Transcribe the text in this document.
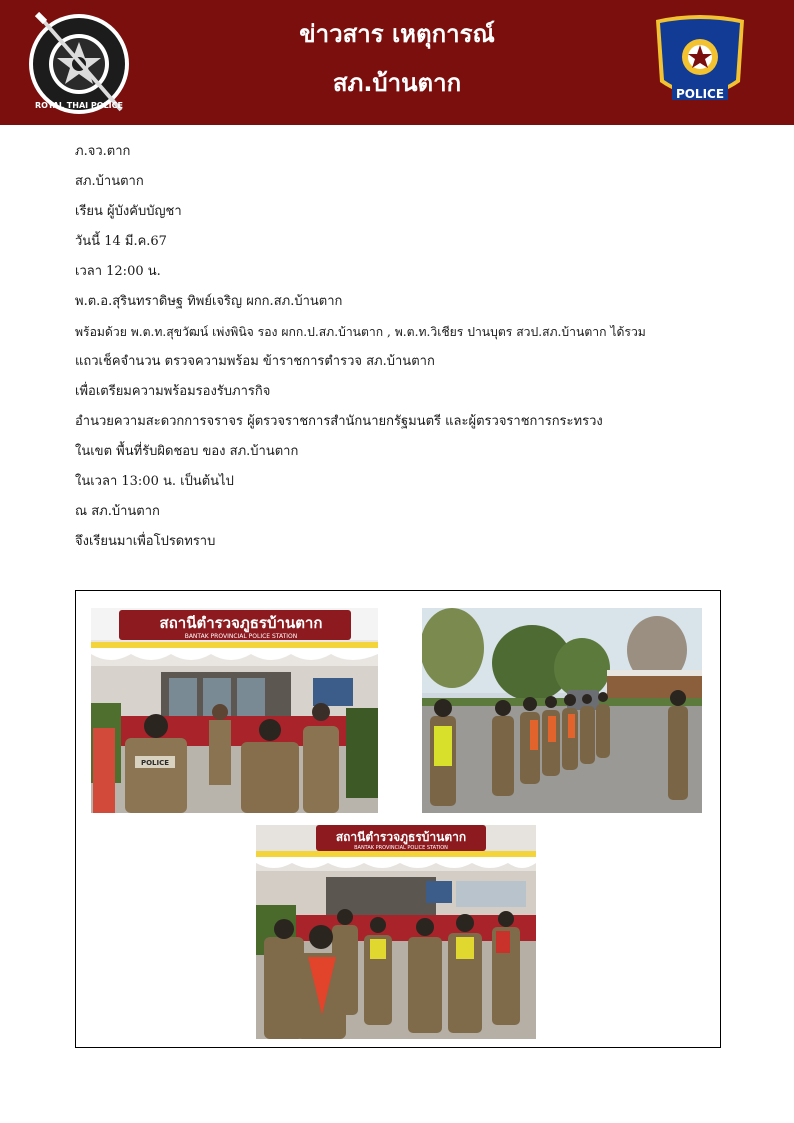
ROYAL THAI POLICE
ข่าวสาร เหตุการณ์
สภ.บ้านตาก	POLICE
ภ.จว.ตาก
สภ.บ้านตาก
เรียน ผู้บังคับบัญชา
วันนี้ 14 มี.ค.67
เวลา 12:00 น.
พ.ต.อ.สุรินทราดิษฐ ทิพย์เจริญ ผกก.สภ.บ้านตาก
พร้อมด้วย พ.ต.ท.สุขวัฒน์ เพ่งพินิจ รอง ผกก.ป.สภ.บ้านตาก , พ.ต.ท.วิเชียร ปานบุตร สวป.สภ.บ้านตาก ได้รวม
แถวเช็คจำนวน ตรวจความพร้อม ข้าราชการตำรวจ สภ.บ้านตาก
เพื่อเตรียมความพร้อมรองรับภารกิจ
อำนวยความสะดวกการจราจร ผู้ตรวจราชการสำนักนายกรัฐมนตรี และผู้ตรวจราชการกระทรวง
ในเขต พื้นที่รับผิดชอบ ของ สภ.บ้านตาก
ในเวลา 13:00 น. เป็นต้นไป
ณ สภ.บ้านตาก
จึงเรียนมาเพื่อโปรดทราบ
สถานีตำรวจภูธรบ้านตาก
BANTAK PROVINCIAL POLICE STATION
POLICE
สถานีตำรวจภูธรบ้านตาก
BANTAK PROVINCIAL POLICE STATION
